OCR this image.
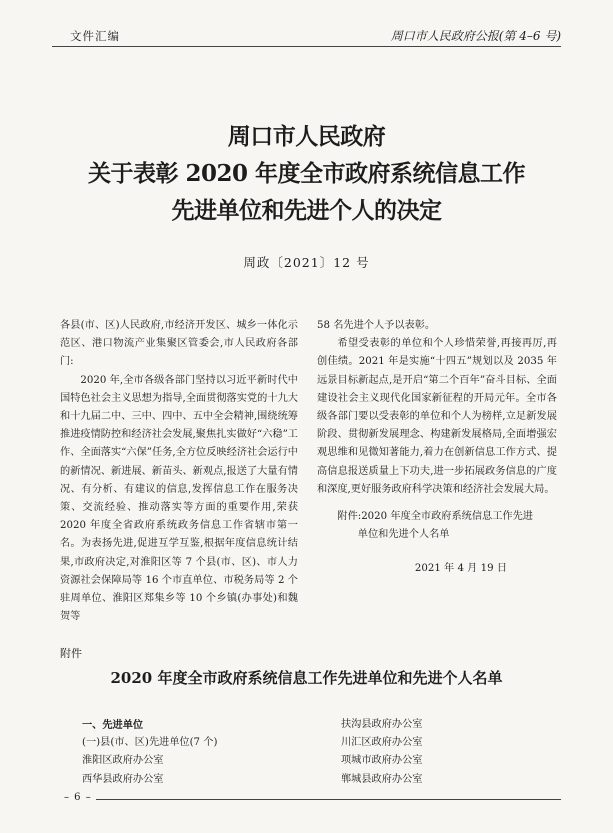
文件汇编	周口市人民政府公报(第 4–6 号)
周口市人民政府
关于表彰 2020 年度全市政府系统信息工作
先进单位和先进个人的决定
周政〔2021〕12 号

各县(市、区)人民政府,市经济开发区、城乡一体化示范区、港口物流产业集聚区管委会,市人民政府各部门:

2020 年,全市各级各部门坚持以习近平新时代中国特色社会主义思想为指导,全面贯彻落实党的十九大和十九届二中、三中、四中、五中全会精神,围绕统筹推进疫情防控和经济社会发展,聚焦扎实做好“六稳”工作、全面落实“六保”任务,全方位反映经济社会运行中的新情况、新进展、新苗头、新观点,报送了大量有情况、有分析、有建议的信息,发挥信息工作在服务决策、交流经验、推动落实等方面的重要作用,荣获 2020 年度全省政府系统政务信息工作省辖市第一名。为表扬先进,促进互学互鉴,根据年度信息统计结果,市政府决定,对淮阳区等 7 个县(市、区)、市人力资源社会保障局等 16 个市直单位、市税务局等 2 个驻周单位、淮阳区郑集乡等 10 个乡镇(办事处)和魏贺等

58 名先进个人予以表彰。

希望受表彰的单位和个人珍惜荣誉,再接再厉,再创佳绩。2021 年是实施“十四五”规划以及 2035 年远景目标新起点,是开启“第二个百年”奋斗目标、全面建设社会主义现代化国家新征程的开局元年。全市各级各部门要以受表彰的单位和个人为榜样,立足新发展阶段、贯彻新发展理念、构建新发展格局,全面增强宏观思维和见微知著能力,着力在创新信息工作方式、提高信息报送质量上下功夫,进一步拓展政务信息的广度和深度,更好服务政府科学决策和经济社会发展大局。

附件:2020 年度全市政府系统信息工作先进
单位和先进个人名单
2021 年 4 月 19 日
附件
2020 年度全市政府系统信息工作先进单位和先进个人名单
一、先进单位
(一)县(市、区)先进单位(7 个)
淮阳区政府办公室
西华县政府办公室
扶沟县政府办公室
川汇区政府办公室
项城市政府办公室
郸城县政府办公室
– 6 –
